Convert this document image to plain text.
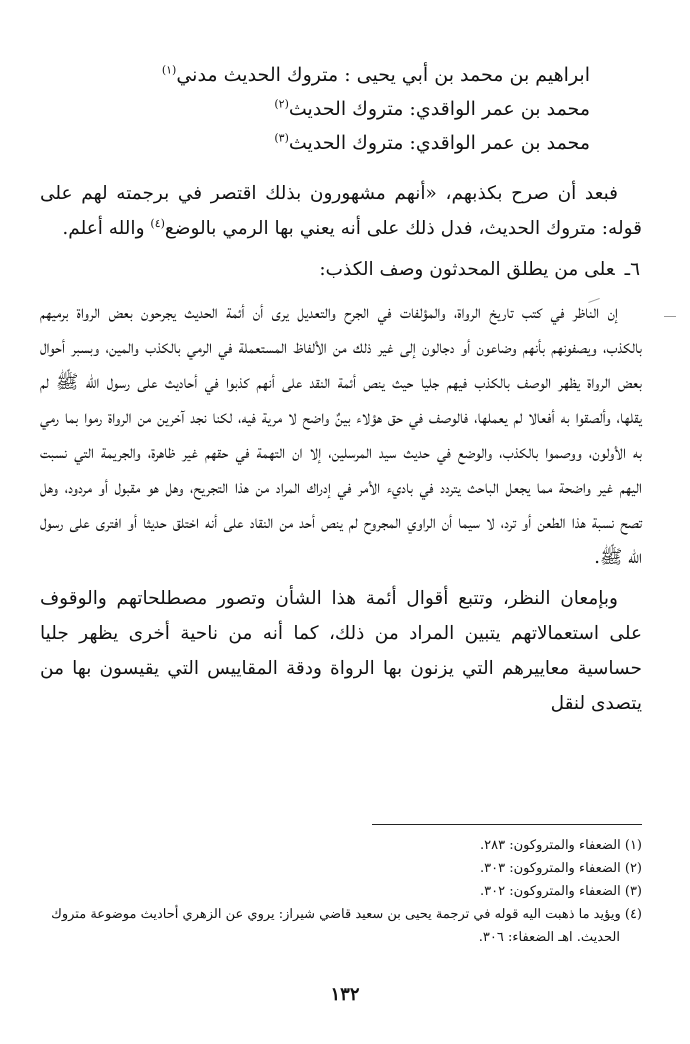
ابراهيم بن محمد بن أبي يحيى : متروك الحديث مدني$^{(١)}$
محمد بن عمر الواقدي: متروك الحديث$^{(٢)}$
محمد بن عمر الواقدي: متروك الحديث$^{(٣)}$

فبعد أن صرح بكذبهم، «أنهم مشهورون بذلك اقتصر في برجمته لهم على قوله: متروك الحديث، فدل ذلك على أنه يعني بها الرمي بالوضع$^{(٤)}$ والله أعلم.

٦ـعلى من يطلق المحدثون وصف الكذب:

إن الناظر في كتب تاريخ الرواة، والمؤلفات في الجرح والتعديل يرى أن أئمة الحديث يجرحون بعض الرواة برميهم بالكذب، ويصفونهم بأنهم وضاعون أو دجالون إلى غير ذلك من الألفاظ المستعملة في الرمي بالكذب والمين، وبسبر أحوال بعض الرواة يظهر الوصف بالكذب فيهم جليا حيث ينص أئمة النقد على أنهم كذبوا في أحاديث على رسول الله ﷺ لم يقلها، وألصقوا به أفعالا لم يعملها، فالوصف في حق هؤلاء بينٌ واضح لا مرية فيه، لكنا نجد آخرين من الرواة رموا بما رمي به الأولون، ووصموا بالكذب، والوضع في حديث سيد المرسلين، إلا ان التهمة في حقهم غير ظاهرة، والجريمة التي نسبت اليهم غير واضحة مما يجعل الباحث يتردد في باديء الأمر في إدراك المراد من هذا التجريح، وهل هو مقبول أو مردود، وهل تصح نسبة هذا الطعن أو ترد، لا سيما أن الراوي المجروح لم ينص أحد من النقاد على أنه اختلق حديثا أو افترى على رسول الله ﷺ.

وبإمعان النظر، وتتبع أقوال أئمة هذا الشأن وتصور مصطلحاتهم والوقوف على استعمالاتهم يتبين المراد من ذلك، كما أنه من ناحية أخرى يظهر جليا حساسية معاييرهم التي يزنون بها الرواة ودقة المقاييس التي يقيسون بها من يتصدى لنقل

(١) الضعفاء والمتروكون: ٢٨٣.
(٢) الضعفاء والمتروكون: ٣٠٣.
(٣) الضعفاء والمتروكون: ٣٠٢.
(٤) ويؤيد ما ذهبت اليه قوله في ترجمة يحيى بن سعيد قاضي شيراز: يروي عن الزهري أحاديث موضوعة متروك
الحديث. اهـ الضعفاء: ٣٠٦.
١٣٢
